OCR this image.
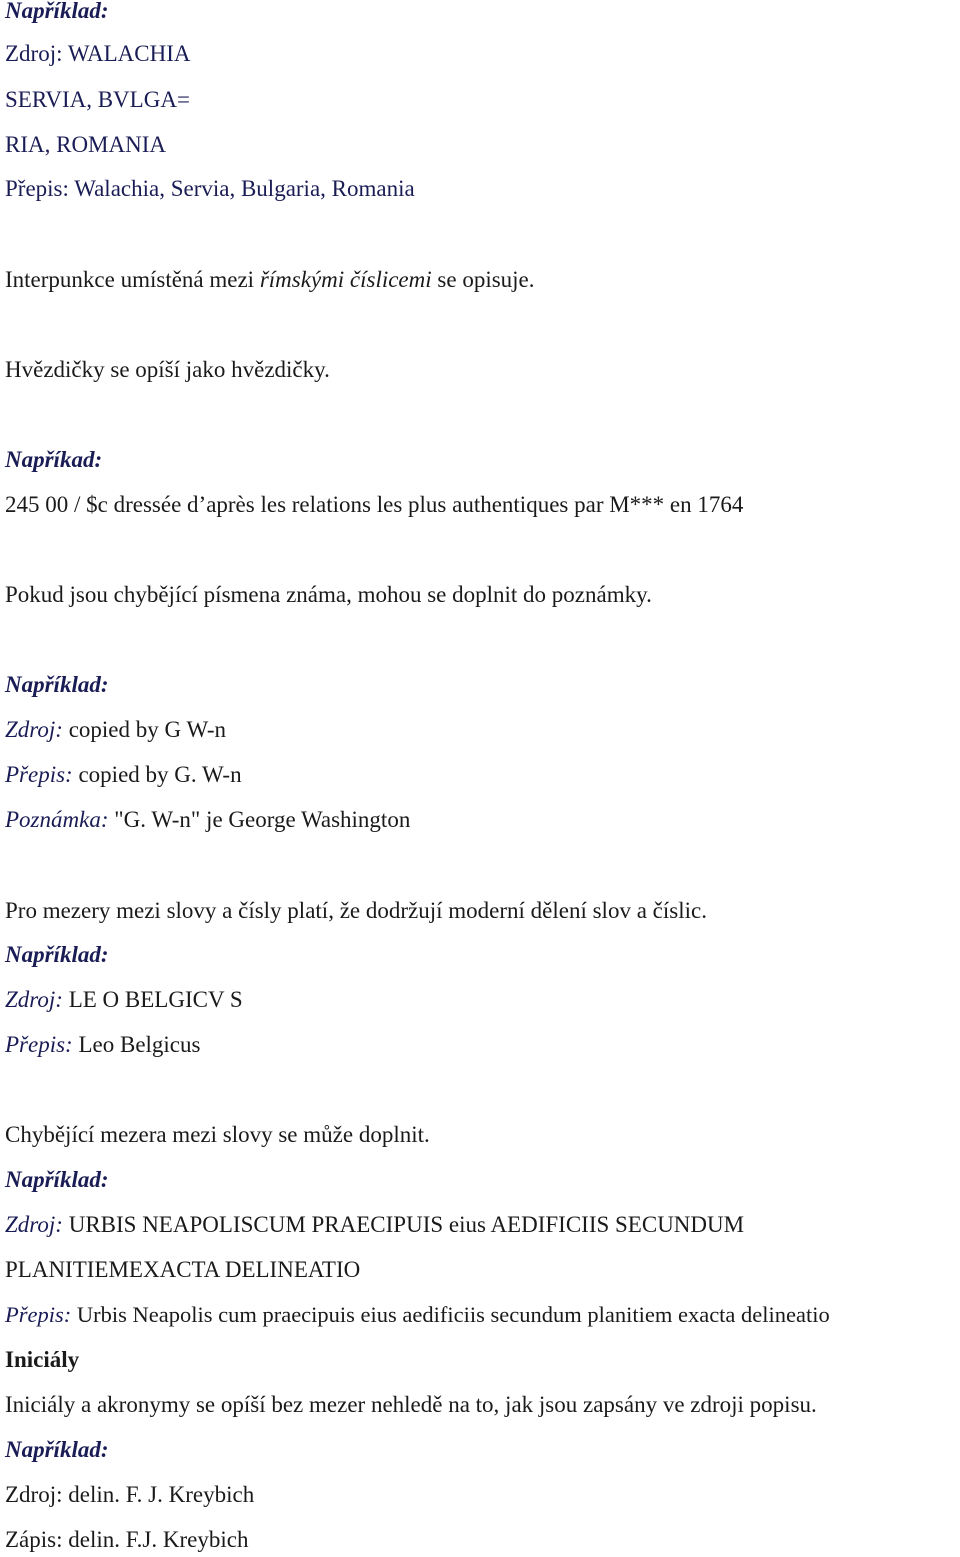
Například:
Zdroj: WALACHIA
SERVIA, BVLGA=
RIA, ROMANIA
Přepis: Walachia, Servia, Bulgaria, Romania
Interpunkce umístěná mezi římskými číslicemi se opisuje.
Hvězdičky se opíší jako hvězdičky.
Napříkad:
245 00 / $c dressée d’après les relations les plus authentiques par M*** en 1764
Pokud jsou chybějící písmena známa, mohou se doplnit do poznámky.
Například:
Zdroj: copied by G W-n
Přepis: copied by G. W-n
Poznámka: "G. W-n" je George Washington
Pro mezery mezi slovy a čísly platí, že dodržují moderní dělení slov a číslic.
Například:
Zdroj: LE O BELGICV S
Přepis: Leo Belgicus
Chybějící mezera mezi slovy se může doplnit.
Například:
Zdroj: URBIS NEAPOLISCUM PRAECIPUIS eius AEDIFICIIS SECUNDUM
PLANITIEMEXACTA DELINEATIO
Přepis: Urbis Neapolis cum praecipuis eius aedificiis secundum planitiem exacta delineatio
Iniciály
Iniciály a akronymy se opíší bez mezer nehledě na to, jak jsou zapsány ve zdroji popisu.
Například:
Zdroj: delin. F. J. Kreybich
Zápis: delin. F.J. Kreybich
